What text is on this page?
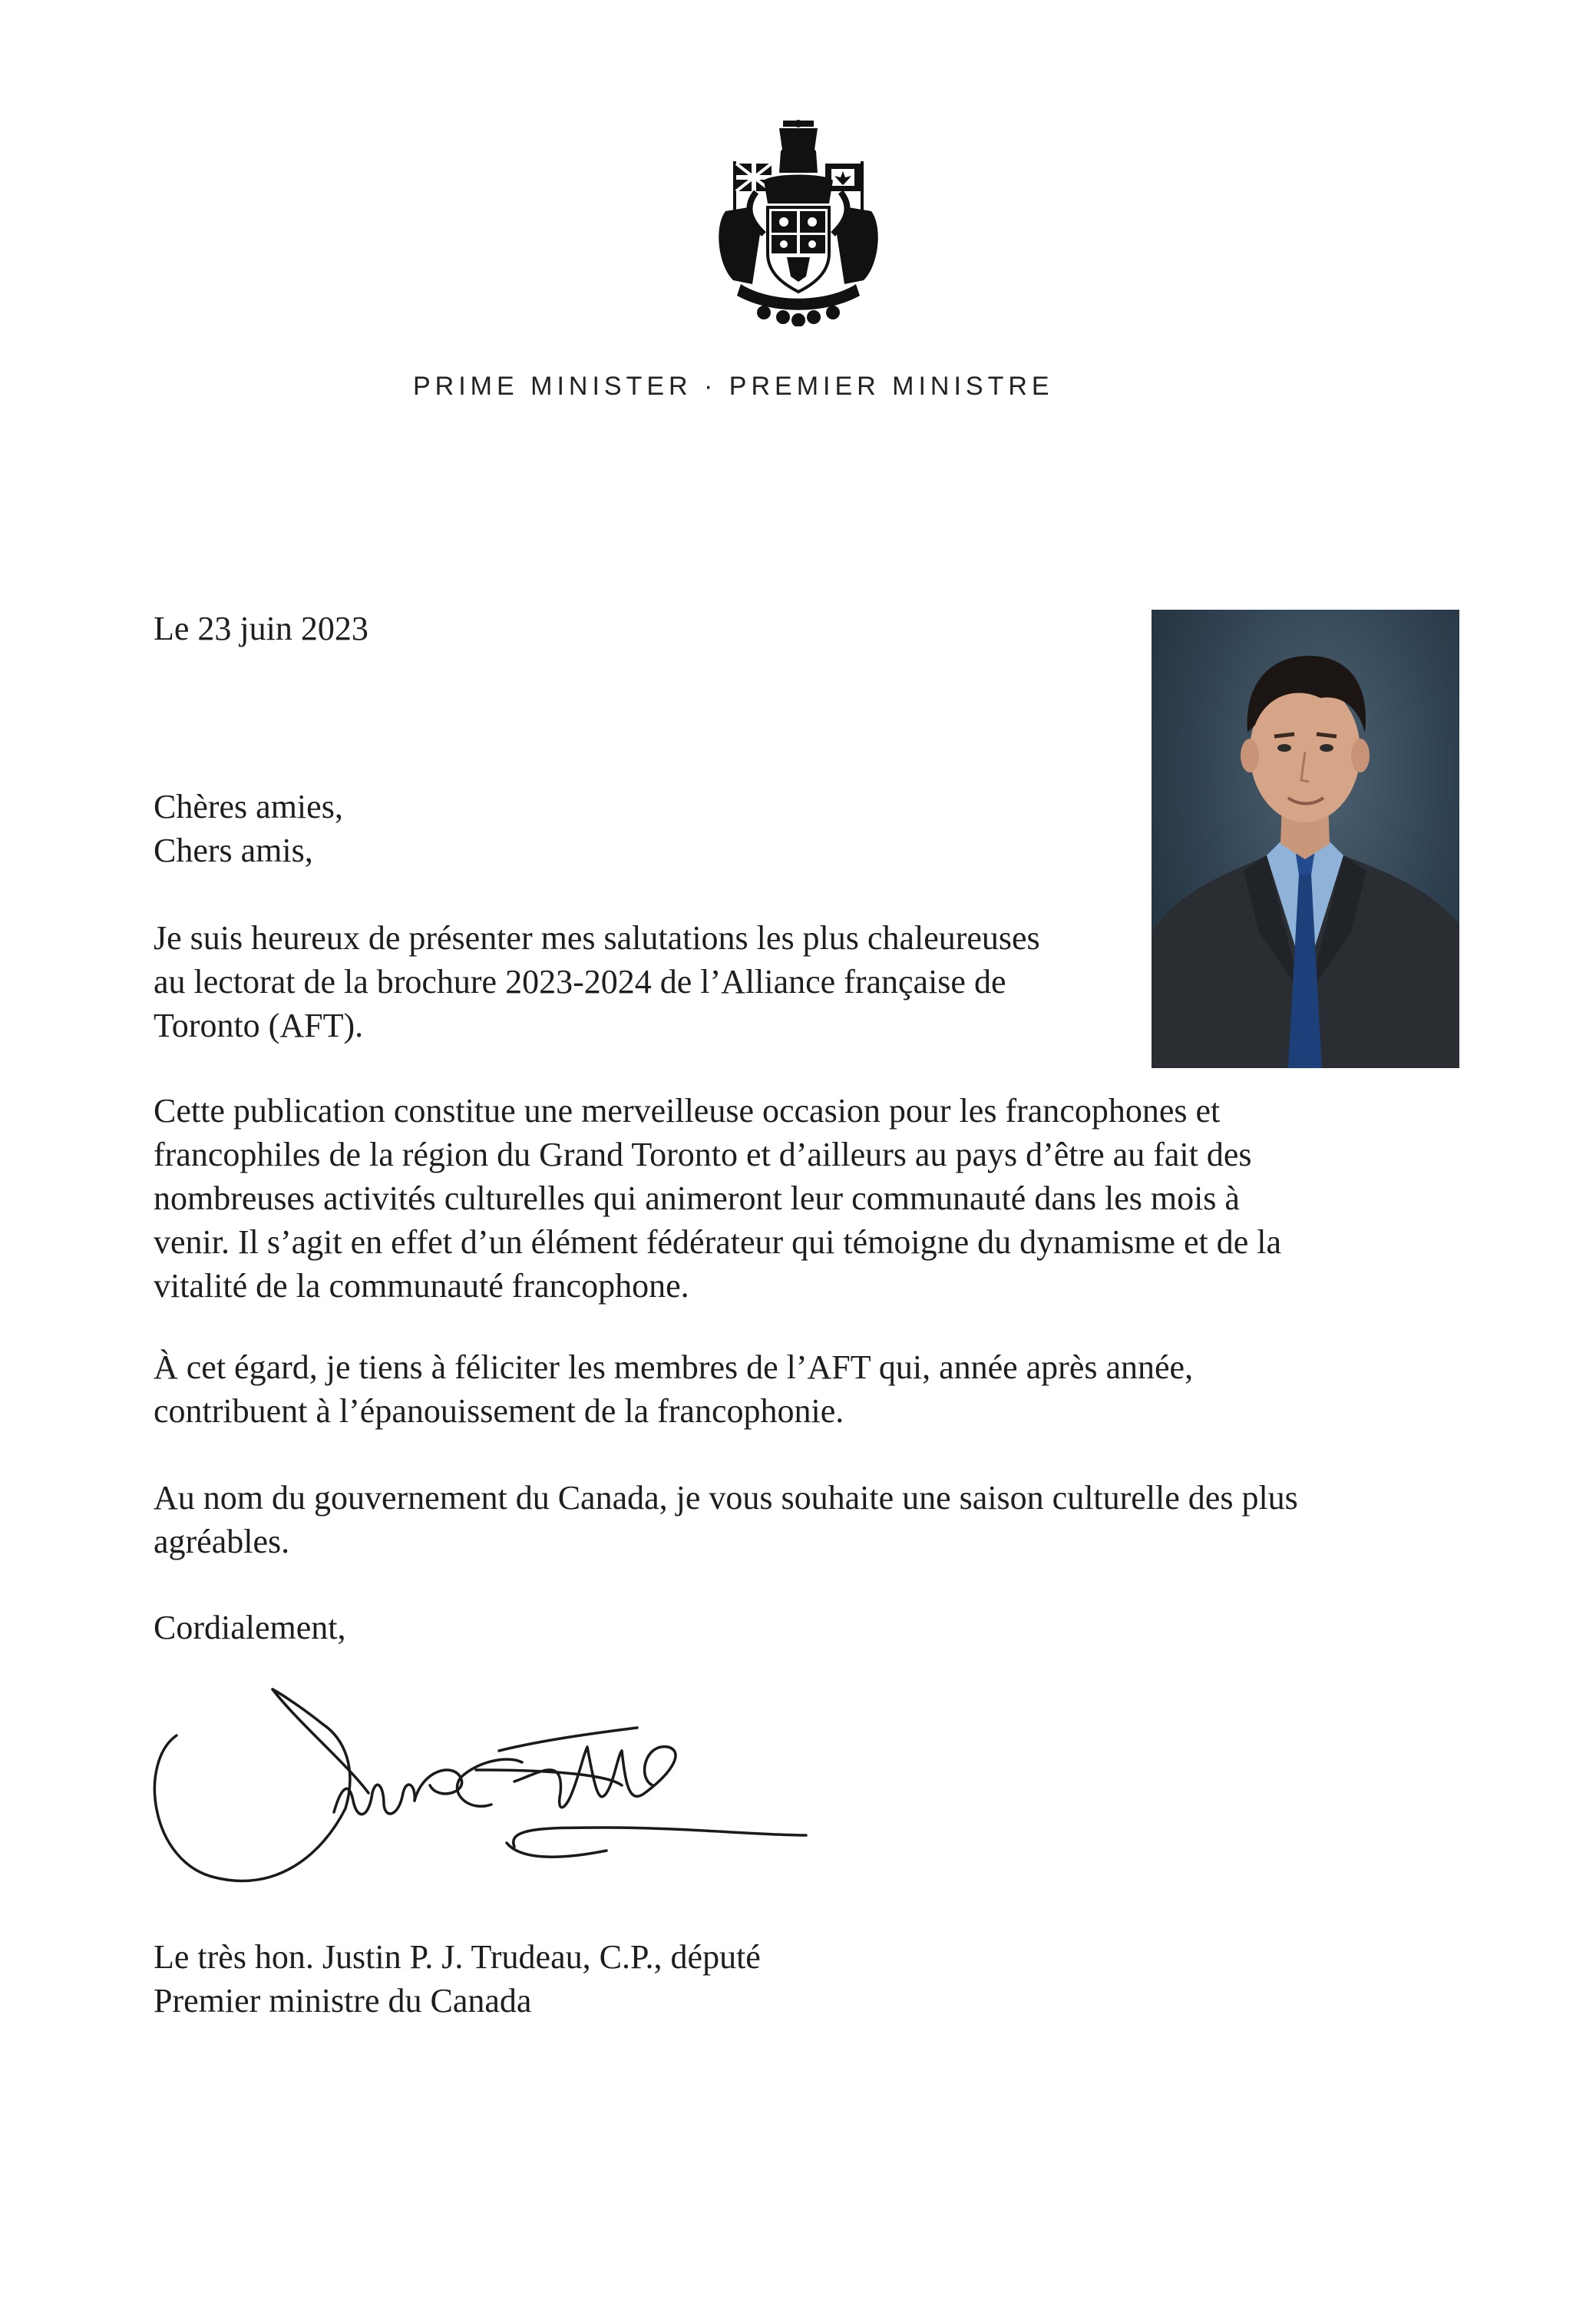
PRIME MINISTER · PREMIER MINISTRE

Le 23 juin 2023

Chères amies,
Chers amis,

Je suis heureux de présenter mes salutations les plus chaleureuses
au lectorat de la brochure 2023-2024 de l’Alliance française de
Toronto (AFT).

Cette publication constitue une merveilleuse occasion pour les francophones et
francophiles de la région du Grand Toronto et d’ailleurs au pays d’être au fait des
nombreuses activités culturelles qui animeront leur communauté dans les mois à
venir. Il s’agit en effet d’un élément fédérateur qui témoigne du dynamisme et de la
vitalité de la communauté francophone.

À cet égard, je tiens à féliciter les membres de l’AFT qui, année après année,
contribuent à l’épanouissement de la francophonie.

Au nom du gouvernement du Canada, je vous souhaite une saison culturelle des plus
agréables.

Cordialement,

Le très hon. Justin P. J. Trudeau, C.P., député

Premier ministre du Canada
